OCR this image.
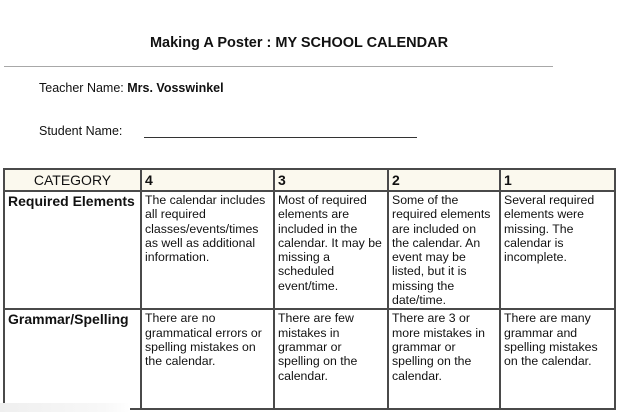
Making A Poster : MY SCHOOL CALENDAR
Teacher Name: Mrs. Vosswinkel
Student Name:
CATEGORY	4	3	2	1
Required Elements	The calendar includes all required classes/events/times as well as additional information.	Most of required elements are included in the calendar. It may be missing a scheduled event/time.	Some of the required elements are included on the calendar. An event may be listed, but it is missing the date/time.	Several required elements were missing. The calendar is incomplete.
Grammar/Spelling	There are no grammatical errors or spelling mistakes on the calendar.	There are few mistakes in grammar or spelling on the calendar.	There are 3 or more mistakes in grammar or spelling on the calendar.	There are many grammar and spelling mistakes on the calendar.
